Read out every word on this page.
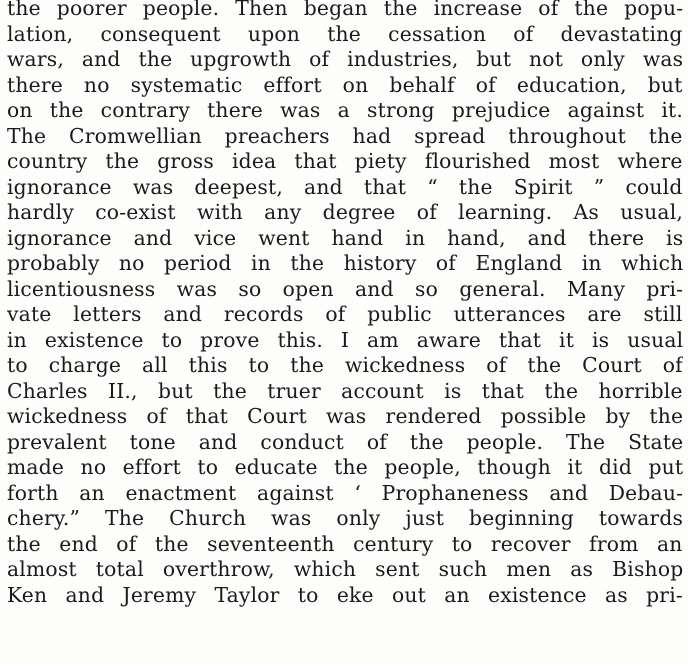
the poorer people. Then began the increase of the popu-
lation, consequent upon the cessation of devastating
wars, and the upgrowth of industries, but not only was
there no systematic effort on behalf of education, but
on the contrary there was a strong prejudice against it.
The Cromwellian preachers had spread throughout the
country the gross idea that piety flourished most where
ignorance was deepest, and that “ the Spirit ” could
hardly co-exist with any degree of learning. As usual,
ignorance and vice went hand in hand, and there is
probably no period in the history of England in which
licentiousness was so open and so general. Many pri-
vate letters and records of public utterances are still
in existence to prove this. I am aware that it is usual
to charge all this to the wickedness of the Court of
Charles II., but the truer account is that the horrible
wickedness of that Court was rendered possible by the
prevalent tone and conduct of the people. The State
made no effort to educate the people, though it did put
forth an enactment against ‘ Prophaneness and Debau-
chery.” The Church was only just beginning towards
the end of the seventeenth century to recover from an
almost total overthrow, which sent such men as Bishop
Ken and Jeremy Taylor to eke out an existence as pri-
